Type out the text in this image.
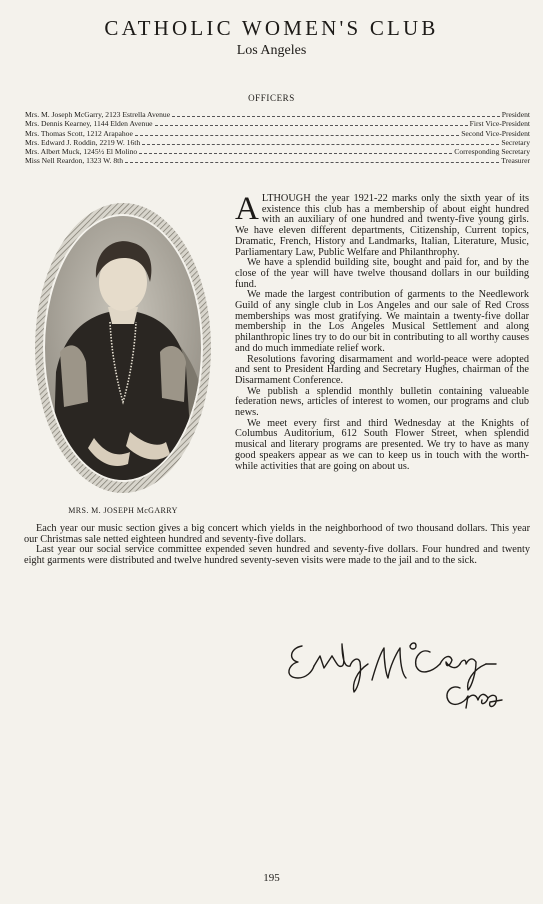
CATHOLIC WOMEN'S CLUB
Los Angeles
OFFICERS
Mrs. M. Joseph McGarry, 2123 Estrella Avenue	President
Mrs. Dennis Kearney, 1144 Elden Avenue	First Vice-President
Mrs. Thomas Scott, 1212 Arapahoe	Second Vice-President
Mrs. Edward J. Roddin, 2219 W. 16th	Secretary
Mrs. Albert Muck, 1245½ El Molino	Corresponding Secretary
Miss Nell Reardon, 1323 W. 8th	Treasurer
MRS. M. JOSEPH McGARRY

ALTHOUGH the year 1921-22 marks only the sixth year of its existence this club has a membership of about eight hundred with an auxiliary of one hundred and twenty-five young girls. We have eleven different departments, Citizenship, Current topics, Dramatic, French, History and Landmarks, Italian, Literature, Music, Parliamentary Law, Public Welfare and Philanthrophy.

We have a splendid building site, bought and paid for, and by the close of the year will have twelve thousand dollars in our building fund.

We made the largest contribution of garments to the Needlework Guild of any single club in Los Angeles and our sale of Red Cross memberships was most gratifying. We maintain a twenty-five dollar membership in the Los Angeles Musical Settlement and along philanthropic lines try to do our bit in contributing to all worthy causes and do much immediate relief work.

Resolutions favoring disarmament and world-peace were adopted and sent to President Harding and Secretary Hughes, chairman of the Disarmament Conference.

We publish a splendid monthly bulletin containing valueable federation news, articles of interest to women, our programs and club news.

We meet every first and third Wednesday at the Knights of Columbus Auditorium, 612 South Flower Street, when splendid musical and literary programs are presented. We try to have as many good speakers appear as we can to keep us in touch with the worth-while activities that are going on about us.

Each year our music section gives a big concert which yields in the neighborhood of two thousand dollars. This year our Christmas sale netted eighteen hundred and seventy-five dollars.

Last year our social service committee expended seven hundred and seventy-five dollars. Four hundred and twenty eight garments were distributed and twelve hundred seventy-seven visits were made to the jail and to the sick.

195
